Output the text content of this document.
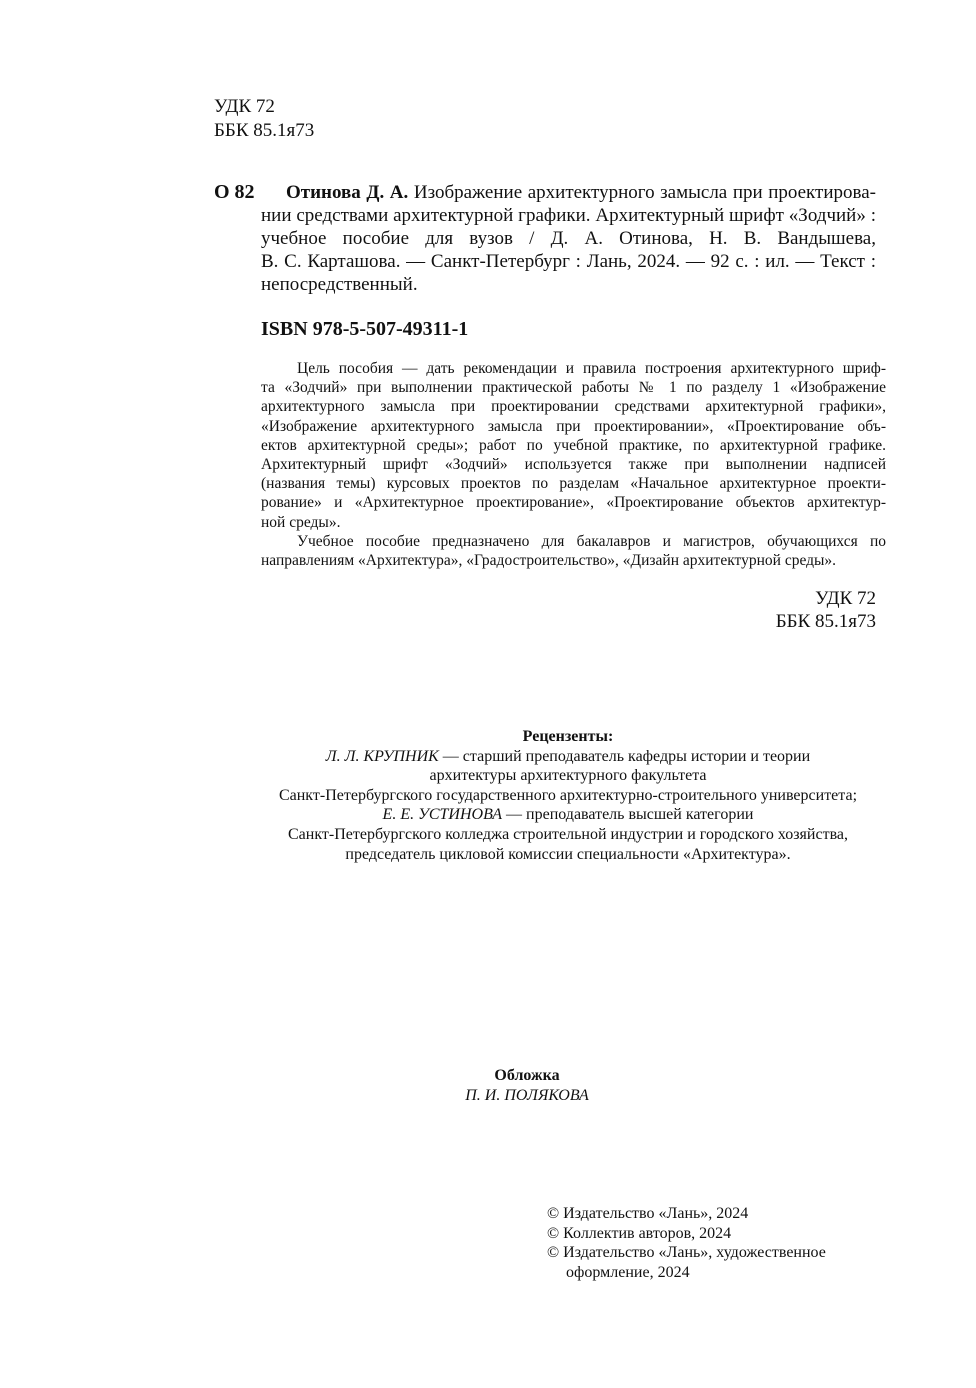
УДК 72
ББК 85.1я73
О 82	Отинова Д. А. Изображение архитектурного замысла при проектирова-
нии средствами архитектурной графики. Архитектурный шрифт «Зодчий» :
учебное пособие для вузов / Д. А. Отинова, Н. В. Вандышева,
В. С. Карташова. — Санкт-Петербург : Лань, 2024. — 92 с. : ил. — Текст :
непосредственный.
ISBN 978-5-507-49311-1
Цель пособия — дать рекомендации и правила построения архитектурного шриф-
та «Зодчий» при выполнении практической работы № 1 по разделу 1 «Изображение
архитектурного замысла при проектировании средствами архитектурной графики»,
«Изображение архитектурного замысла при проектировании», «Проектирование объ-
ектов архитектурной среды»; работ по учебной практике, по архитектурной графике.
Архитектурный шрифт «Зодчий» используется также при выполнении надписей
(названия темы) курсовых проектов по разделам «Начальное архитектурное проекти-
рование» и «Архитектурное проектирование», «Проектирование объектов архитектур-
ной среды».
Учебное пособие предназначено для бакалавров и магистров, обучающихся по
направлениям «Архитектура», «Градостроительство», «Дизайн архитектурной среды».
УДК 72
ББК 85.1я73
Рецензенты:
Л. Л. КРУПНИК — старший преподаватель кафедры истории и теории
архитектуры архитектурного факультета
Санкт-Петербургского государственного архитектурно-строительного университета;
Е. Е. УСТИНОВА — преподаватель высшей категории
Санкт-Петербургского колледжа строительной индустрии и городского хозяйства,
председатель цикловой комиссии специальности «Архитектура».
Обложка
П. И. ПОЛЯКОВА
© Издательство «Лань», 2024
© Коллектив авторов, 2024
© Издательство «Лань», художественное
оформление, 2024
